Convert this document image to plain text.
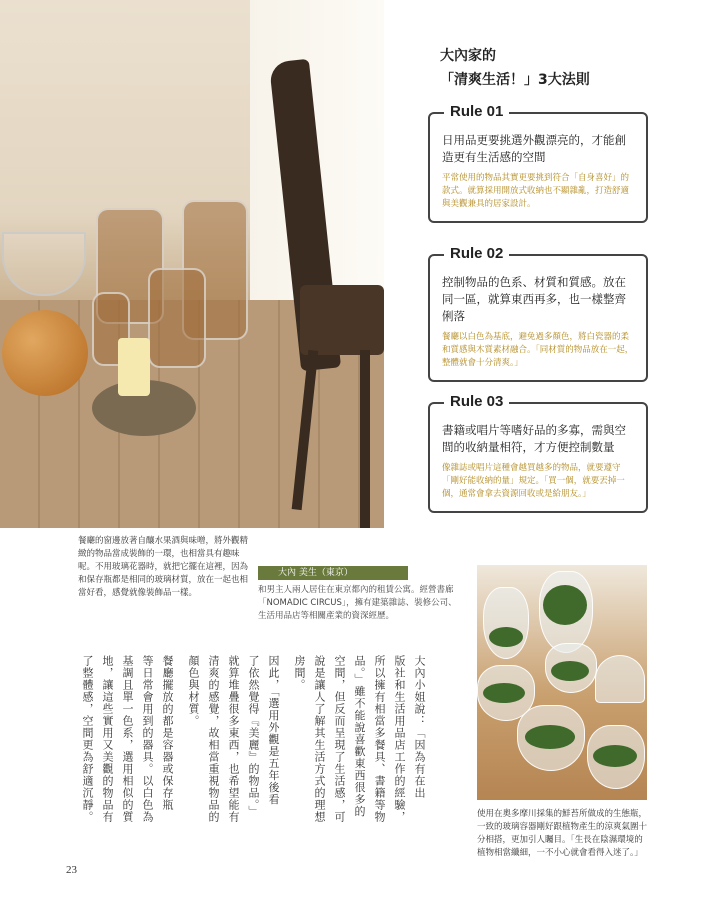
大內家的
「清爽生活！」3大法則
Rule 01
日用品更要挑選外觀漂亮的，才能創造更有生活感的空間
平常使用的物品其實更要挑到符合「自身喜好」的款式。就算採用開放式收納也不顯雜亂，打造舒適與美觀兼具的居家設計。
Rule 02
控制物品的色系、材質和質感。放在同一區，就算東西再多，也一樣整齊俐落
餐廳以白色為基底，避免過多顏色，將白瓷器的柔和質感與木質素材融合。「同材質的物品放在一起，整體就會十分清爽。」
Rule 03
書籍或唱片等嗜好品的多寡，需與空間的收納量相符，才方便控制數量
像雜誌或唱片這種會越買越多的物品，就要遵守「剛好能收納的量」規定。「買一個，就要丟掉一個，通常會拿去資源回收或是給朋友。」
餐廳的窗邊放著自釀水果酒與味噌，將外觀精緻的物品當成裝飾的一環，也相當具有趣味呢。不用玻璃花器時，就把它擺在這裡，因為和保存瓶都是相同的玻璃材質，放在一起也相當好看，感覺就像裝飾品一樣。
大內 美生（東京）
和男主人兩人居住在東京都內的租賃公寓。經營書廊「NOMADIC CIRCUS」，擁有建築雜誌、裝修公司、生活用品店等相關產業的資深經歷。
大內小姐說：「因為有在出
版社和生活用品店工作的經驗，
所以擁有相當多餐具、書籍等物
品。」雖不能說喜歡東西很多的
空間，但反而呈現了生活感，可
說是讓人了解其生活方式的理想
房間。
因此，「選用外觀是五年後看
了依然覺得『美麗』的物品。」
就算堆疊很多東西，也希望能有
清爽的感覺，故相當重視物品的
顏色與材質。
餐廳擺放的都是容器或保存瓶
等日常會用到的器具。以白色為
基調且單一色系，選用相似的質
地，讓這些實用又美觀的物品有
了整體感，空間更為舒適沉靜。	使用在奧多摩川採集的鮮苔所做成的生態瓶，一致的玻璃容器剛好跟植物產生的涼爽氣圍十分相搭，更加引人矚目。「生長在陰濕環境的植物相當纖細，一不小心就會看得入迷了。」
23
